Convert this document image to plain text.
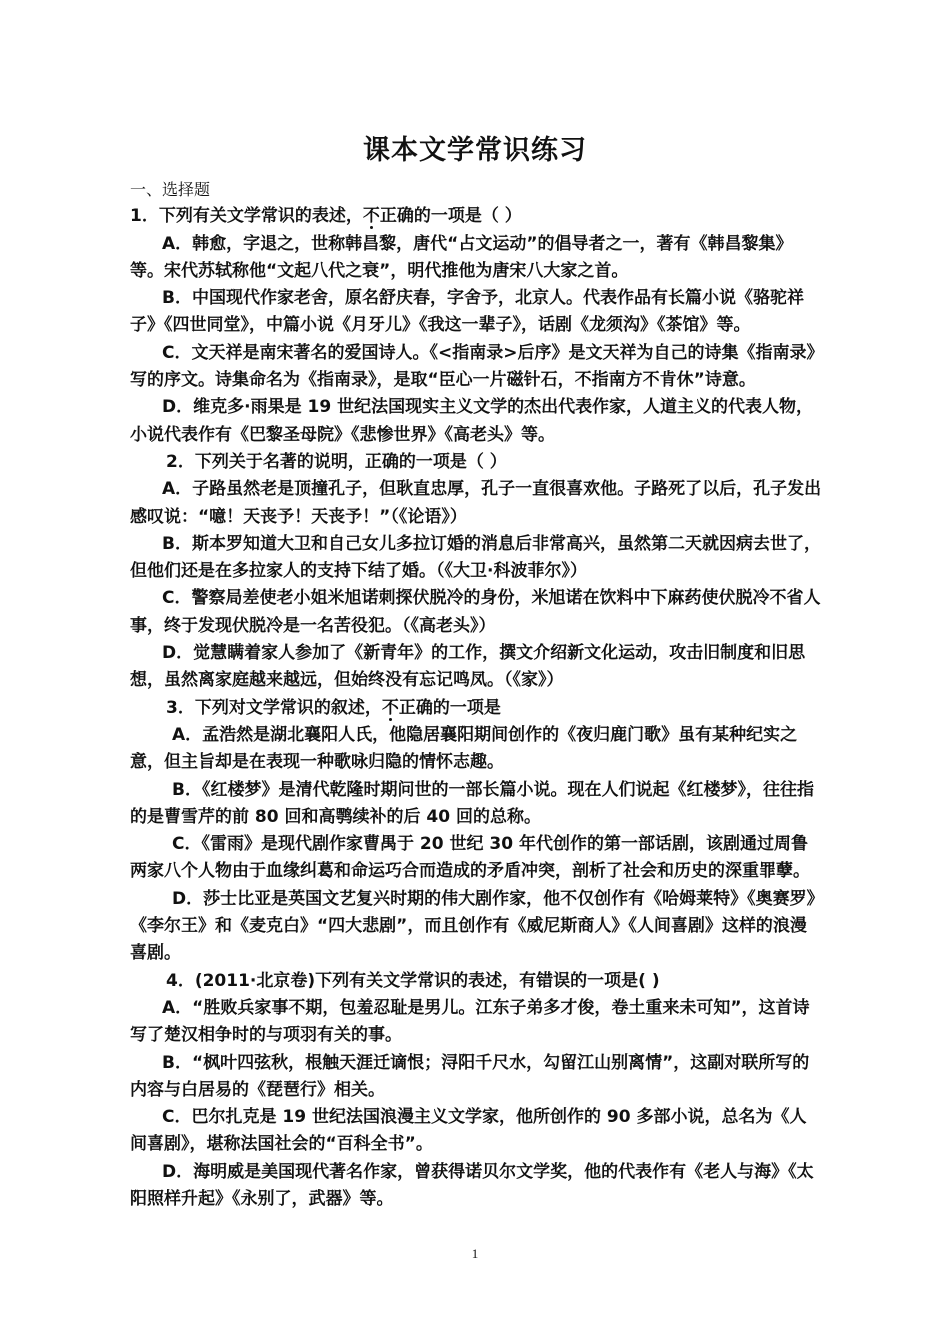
课本文学常识练习

一、选择题

1．下列有关文学常识的表述，不正确的一项是（ ）

A．韩愈，字退之，世称韩昌黎，唐代“占文运动”的倡导者之一，著有《韩昌黎集》等。宋代苏轼称他“文起八代之衰”，明代推他为唐宋八大家之首。

B．中国现代作家老舍，原名舒庆春，字舍予，北京人。代表作品有长篇小说《骆驼祥子》《四世同堂》，中篇小说《月牙儿》《我这一辈子》，话剧《龙须沟》《茶馆》等。

C．文天祥是南宋著名的爱国诗人。《<指南录>后序》是文天祥为自己的诗集《指南录》写的序文。诗集命名为《指南录》，是取“臣心一片磁针石，不指南方不肯休”诗意。

D．维克多·雨果是 19 世纪法国现实主义文学的杰出代表作家，人道主义的代表人物，小说代表作有《巴黎圣母院》《悲惨世界》《高老头》等。

2．下列关于名著的说明，正确的一项是（ ）

A．子路虽然老是顶撞孔子，但耿直忠厚，孔子一直很喜欢他。子路死了以后，孔子发出感叹说：“噫！天丧予！天丧予！”（《论语》）

B．斯本罗知道大卫和自己女儿多拉订婚的消息后非常高兴，虽然第二天就因病去世了，但他们还是在多拉家人的支持下结了婚。（《大卫·科波菲尔》）

C．警察局差使老小姐米旭诺刺探伏脱冷的身份，米旭诺在饮料中下麻药使伏脱冷不省人事，终于发现伏脱冷是一名苦役犯。（《高老头》）

D．觉慧瞒着家人参加了《新青年》的工作，撰文介绍新文化运动，攻击旧制度和旧思想，虽然离家庭越来越远，但始终没有忘记鸣凤。（《家》）

3．下列对文学常识的叙述，不正确的一项是

A．孟浩然是湖北襄阳人氏，他隐居襄阳期间创作的《夜归鹿门歌》虽有某种纪实之意，但主旨却是在表现一种歌咏归隐的情怀志趣。

B．《红楼梦》是清代乾隆时期问世的一部长篇小说。现在人们说起《红楼梦》，往往指的是曹雪芹的前 80 回和高鹗续补的后 40 回的总称。

C．《雷雨》是现代剧作家曹禺于 20 世纪 30 年代创作的第一部话剧，该剧通过周鲁两家八个人物由于血缘纠葛和命运巧合而造成的矛盾冲突，剖析了社会和历史的深重罪孽。

D．莎士比亚是英国文艺复兴时期的伟大剧作家，他不仅创作有《哈姆莱特》《奥赛罗》《李尔王》和《麦克白》“四大悲剧”，而且创作有《威尼斯商人》《人间喜剧》这样的浪漫喜剧。

4．(2011·北京卷)下列有关文学常识的表述，有错误的一项是( )

A．“胜败兵家事不期，包羞忍耻是男儿。江东子弟多才俊，卷土重来未可知”，这首诗写了楚汉相争时的与项羽有关的事。

B．“枫叶四弦秋，根触天涯迁谪恨；浔阳千尺水，勾留江山别离情”，这副对联所写的内容与白居易的《琵琶行》相关。

C．巴尔扎克是 19 世纪法国浪漫主义文学家，他所创作的 90 多部小说，总名为《人间喜剧》，堪称法国社会的“百科全书”。

D．海明威是美国现代著名作家，曾获得诺贝尔文学奖，他的代表作有《老人与海》《太阳照样升起》《永别了，武器》等。

1
